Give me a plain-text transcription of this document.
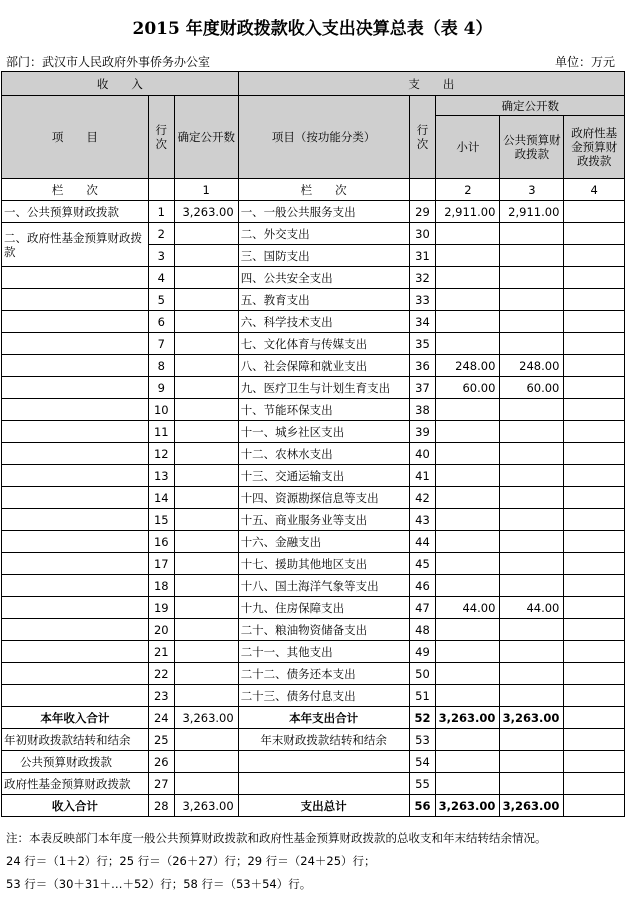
2015 年度财政拨款收入支出决算总表（表 4）
部门：武汉市人民政府外事侨务办公室	单位：万元
收　　入			支　　出				
项　　目	行次	确定公开数	项目（按功能分类）	行次	确定公开数		
					小计	公共预算财政拨款	政府性基金预算财政拨款
栏　　次		1	栏　　次		2	3	4
一、公共预算财政拨款	1	3,263.00	一、一般公共服务支出	29	2,911.00	2,911.00	
二、政府性基金预算财政拨款	2		二、外交支出	30			
	3		三、国防支出	31			
	4		四、公共安全支出	32			
	5		五、教育支出	33			
	6		六、科学技术支出	34			
	7		七、文化体育与传媒支出	35			
	8		八、社会保障和就业支出	36	248.00	248.00	
	9		九、医疗卫生与计划生育支出	37	60.00	60.00	
	10		十、节能环保支出	38			
	11		十一、城乡社区支出	39			
	12		十二、农林水支出	40			
	13		十三、交通运输支出	41			
	14		十四、资源勘探信息等支出	42			
	15		十五、商业服务业等支出	43			
	16		十六、金融支出	44			
	17		十七、援助其他地区支出	45			
	18		十八、国土海洋气象等支出	46			
	19		十九、住房保障支出	47	44.00	44.00	
	20		二十、粮油物资储备支出	48			
	21		二十一、其他支出	49			
	22		二十二、债务还本支出	50			
	23		二十三、债务付息支出	51			
本年收入合计	24	3,263.00	本年支出合计	52	3,263.00	3,263.00	
年初财政拨款结转和结余	25		年末财政拨款结转和结余	53			
公共预算财政拨款	26			54			
政府性基金预算财政拨款	27			55			
收入合计	28	3,263.00	支出总计	56	3,263.00	3,263.00	
注：本表反映部门本年度一般公共预算财政拨款和政府性基金预算财政拨款的总收支和年末结转结余情况。
24 行＝（1＋2）行；25 行＝（26＋27）行；29 行＝（24＋25）行；
53 行＝（30＋31＋…＋52）行；58 行＝（53＋54）行。
